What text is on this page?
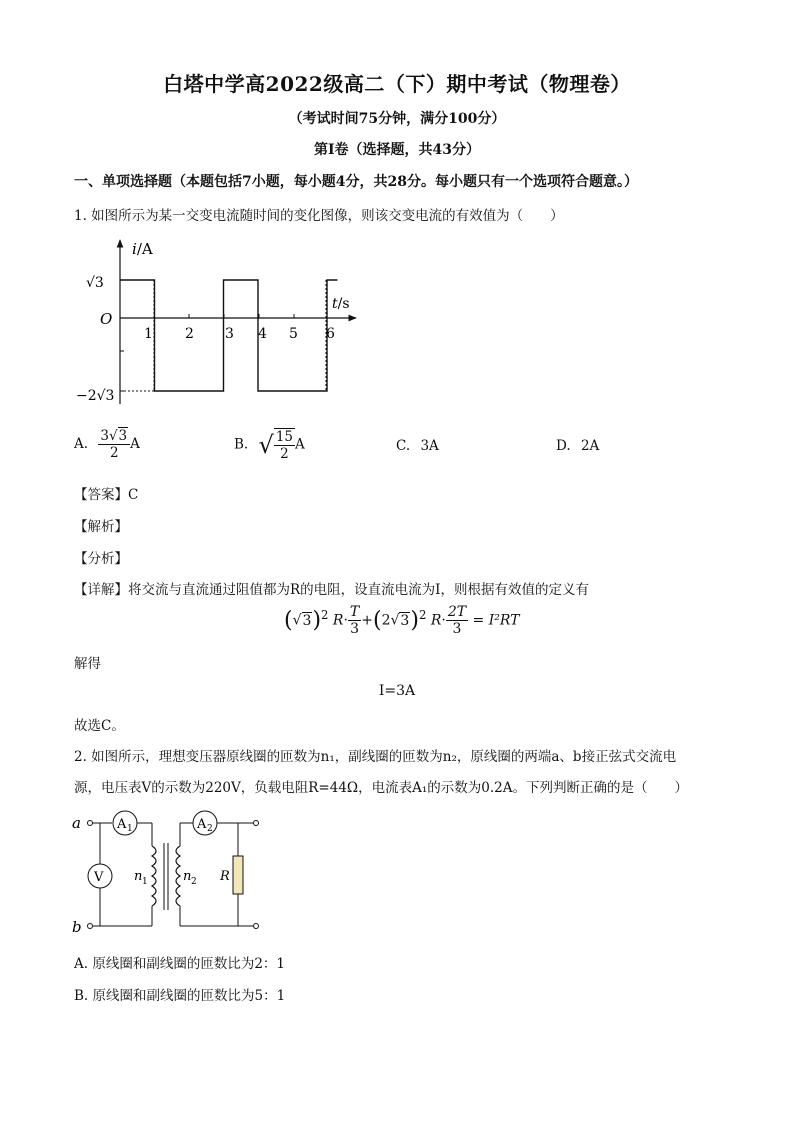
白塔中学高2022级高二（下）期中考试（物理卷）
（考试时间75分钟，满分100分）
第I卷（选择题，共43分）
一、单项选择题（本题包括7小题，每小题4分，共28分。每小题只有一个选项符合题意。）
1. 如图所示为某一交变电流随时间的变化图像，则该交变电流的有效值为（　　）
i/A
t/s
O
√3
−2√3
1 2 3 4 5 6
A. $\frac{3√3}{2}$ A	B. √ $\frac{15}{2}$ A	C. 3A	D. 2A
【答案】C
【解析】
【分析】
【详解】将交流与直流通过阻值都为R的电阻，设直流电流为I，则根据有效值的定义有
$(√3)^2$ $R\cdot \frac{T}{3} +(2√3)^2$ $R\cdot \frac{2T}{3} = I^2RT$
解得
I=3A
故选C。
2. 如图所示，理想变压器原线圈的匝数为n₁，副线圈的匝数为n₂，原线圈的两端a、b接正弦式交流电
源，电压表V的示数为220V，负载电阻R=44Ω，电流表A₁的示数为0.2A。下列判断正确的是（　　）
a
b
A 1
V n 1	n 2
A 2
R
A. 原线圈和副线圈的匝数比为2：1
B. 原线圈和副线圈的匝数比为5：1
